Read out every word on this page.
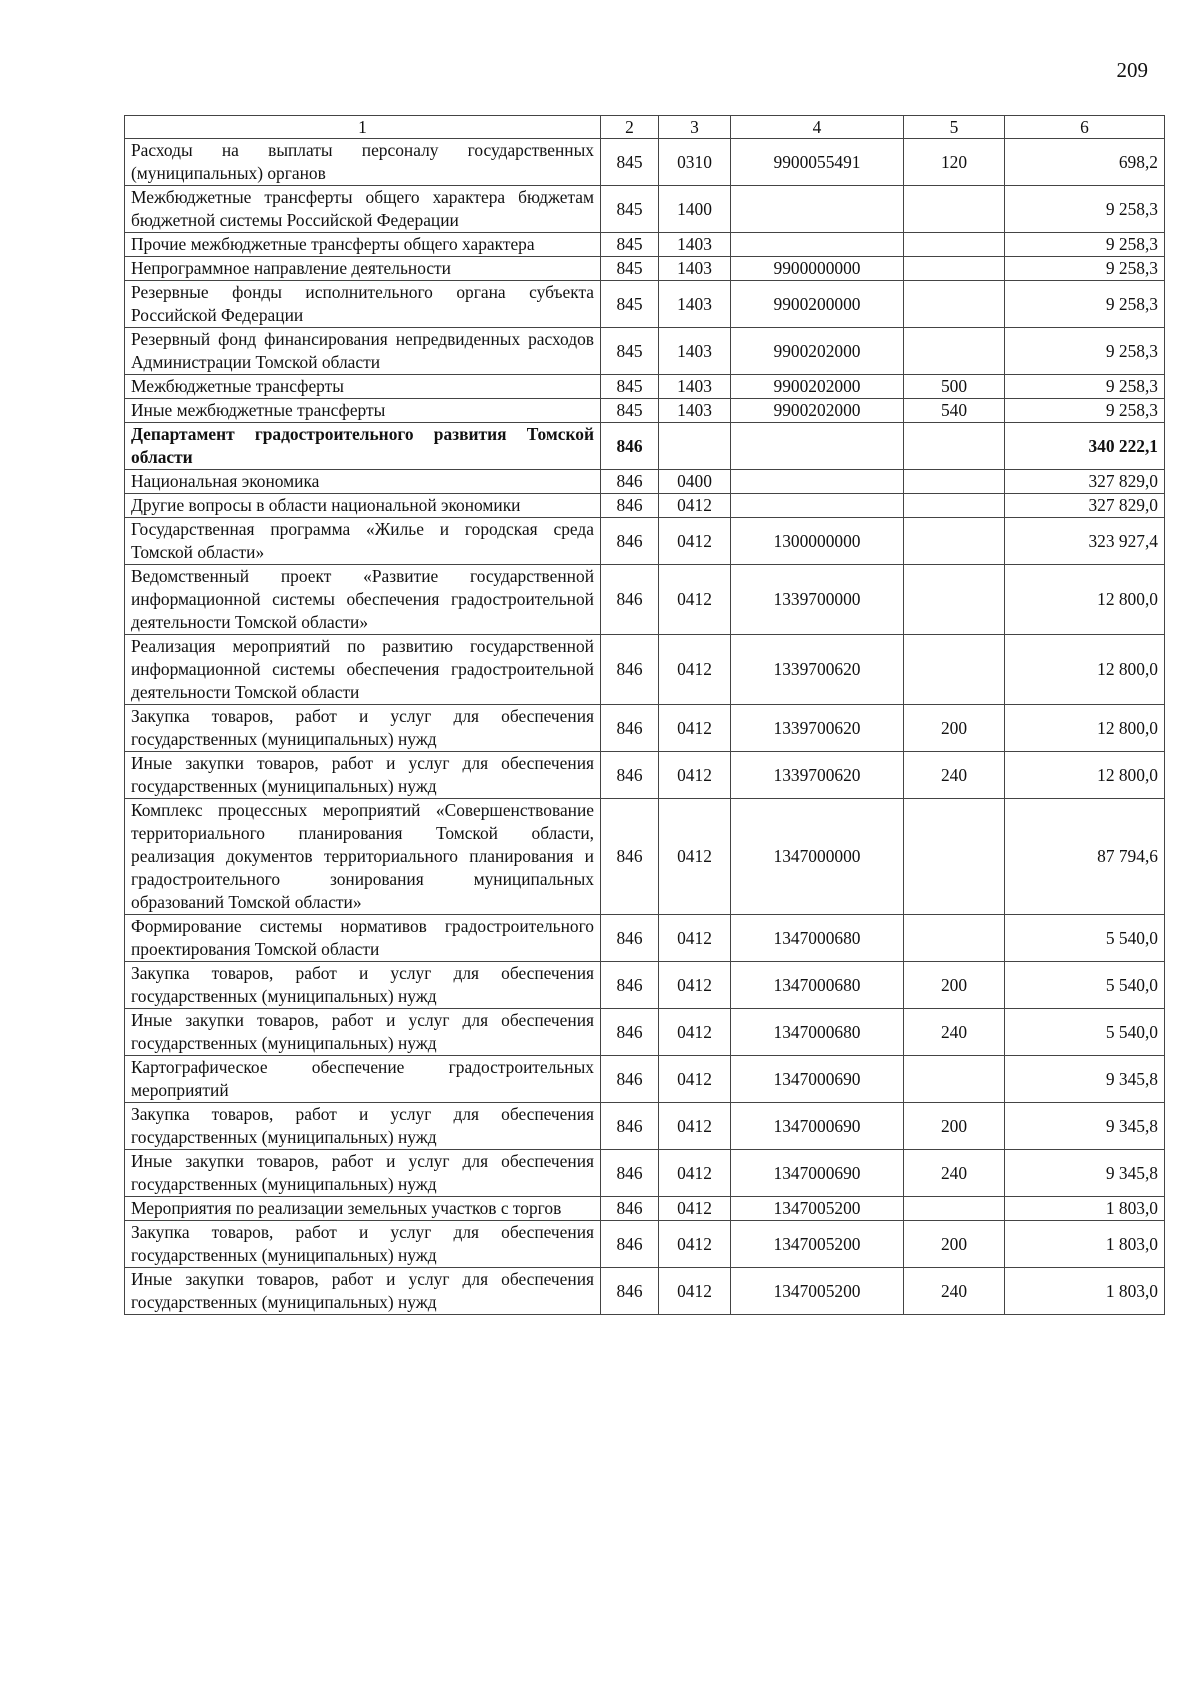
209
1	2	3	4	5	6
Расходы на выплаты персоналу государственных (муниципальных) органов	845	0310	9900055491	120	698,2
Межбюджетные трансферты общего характера бюджетам бюджетной системы Российской Федерации	845	1400			9 258,3
Прочие межбюджетные трансферты общего характера	845	1403			9 258,3
Непрограммное направление деятельности	845	1403	9900000000		9 258,3
Резервные фонды исполнительного органа субъекта Российской Федерации	845	1403	9900200000		9 258,3
Резервный фонд финансирования непредвиденных расходов Администрации Томской области	845	1403	9900202000		9 258,3
Межбюджетные трансферты	845	1403	9900202000	500	9 258,3
Иные межбюджетные трансферты	845	1403	9900202000	540	9 258,3
Департамент градостроительного развития Томской области	846				340 222,1
Национальная экономика	846	0400			327 829,0
Другие вопросы в области национальной экономики	846	0412			327 829,0
Государственная программа «Жилье и городская среда Томской области»	846	0412	1300000000		323 927,4
Ведомственный проект «Развитие государственной информационной системы обеспечения градостроительной деятельности Томской области»	846	0412	1339700000		12 800,0
Реализация мероприятий по развитию государственной информационной системы обеспечения градостроительной деятельности Томской области	846	0412	1339700620		12 800,0
Закупка товаров, работ и услуг для обеспечения государственных (муниципальных) нужд	846	0412	1339700620	200	12 800,0
Иные закупки товаров, работ и услуг для обеспечения государственных (муниципальных) нужд	846	0412	1339700620	240	12 800,0
Комплекс процессных мероприятий «Совершенствование территориального планирования Томской области, реализация документов территориального планирования и градостроительного зонирования муниципальных образований Томской области»	846	0412	1347000000		87 794,6
Формирование системы нормативов градостроительного проектирования Томской области	846	0412	1347000680		5 540,0
Закупка товаров, работ и услуг для обеспечения государственных (муниципальных) нужд	846	0412	1347000680	200	5 540,0
Иные закупки товаров, работ и услуг для обеспечения государственных (муниципальных) нужд	846	0412	1347000680	240	5 540,0
Картографическое обеспечение градостроительных мероприятий	846	0412	1347000690		9 345,8
Закупка товаров, работ и услуг для обеспечения государственных (муниципальных) нужд	846	0412	1347000690	200	9 345,8
Иные закупки товаров, работ и услуг для обеспечения государственных (муниципальных) нужд	846	0412	1347000690	240	9 345,8
Мероприятия по реализации земельных участков с торгов	846	0412	1347005200		1 803,0
Закупка товаров, работ и услуг для обеспечения государственных (муниципальных) нужд	846	0412	1347005200	200	1 803,0
Иные закупки товаров, работ и услуг для обеспечения государственных (муниципальных) нужд	846	0412	1347005200	240	1 803,0
